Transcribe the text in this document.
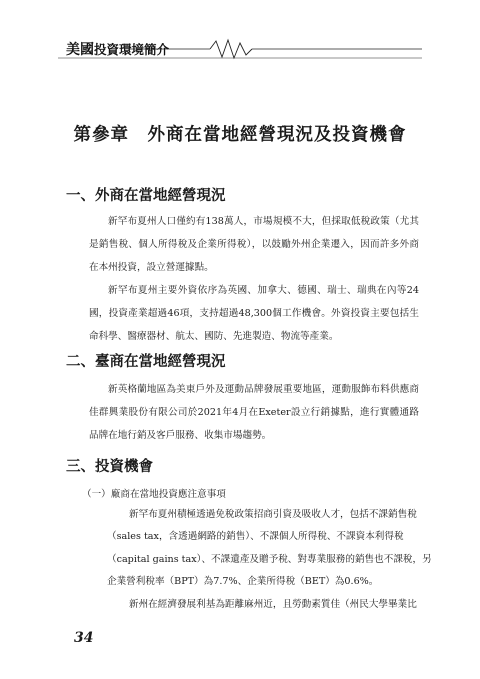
美國投資環境簡介
第參章　外商在當地經營現況及投資機會
一、外商在當地經營現況
新罕布夏州人口僅約有138萬人，市場規模不大，但採取低稅政策（尤其是銷售稅、個人所得稅及企業所得稅），以鼓勵外州企業遷入，因而許多外商在本州投資，設立營運據點。
新罕布夏州主要外資依序為英國、加拿大、德國、瑞士、瑞典在內等24國，投資產業超過46項，支持超過48,300個工作機會。外資投資主要包括生命科學、醫療器材、航太、國防、先進製造、物流等產業。
二、臺商在當地經營現況
新英格蘭地區為美東戶外及運動品牌發展重要地區，運動服飾布料供應商佳群興業股份有限公司於2021年4月在Exeter設立行銷據點，進行實體通路品牌在地行銷及客戶服務、收集市場趨勢。
三、投資機會
（一）廠商在當地投資應注意事項
新罕布夏州積極透過免稅政策招商引資及吸收人才，包括不課銷售稅
（sales tax，含透過網路的銷售）、不課個人所得稅、不課資本利得稅
（capital gains tax）、不課遺產及贈予稅、對專業服務的銷售也不課稅，另
企業營利稅率（BPT）為7.7%、企業所得稅（BET）為0.6%。
新州在經濟發展利基為距離麻州近，且勞動素質佳（州民大學畢業比
34
